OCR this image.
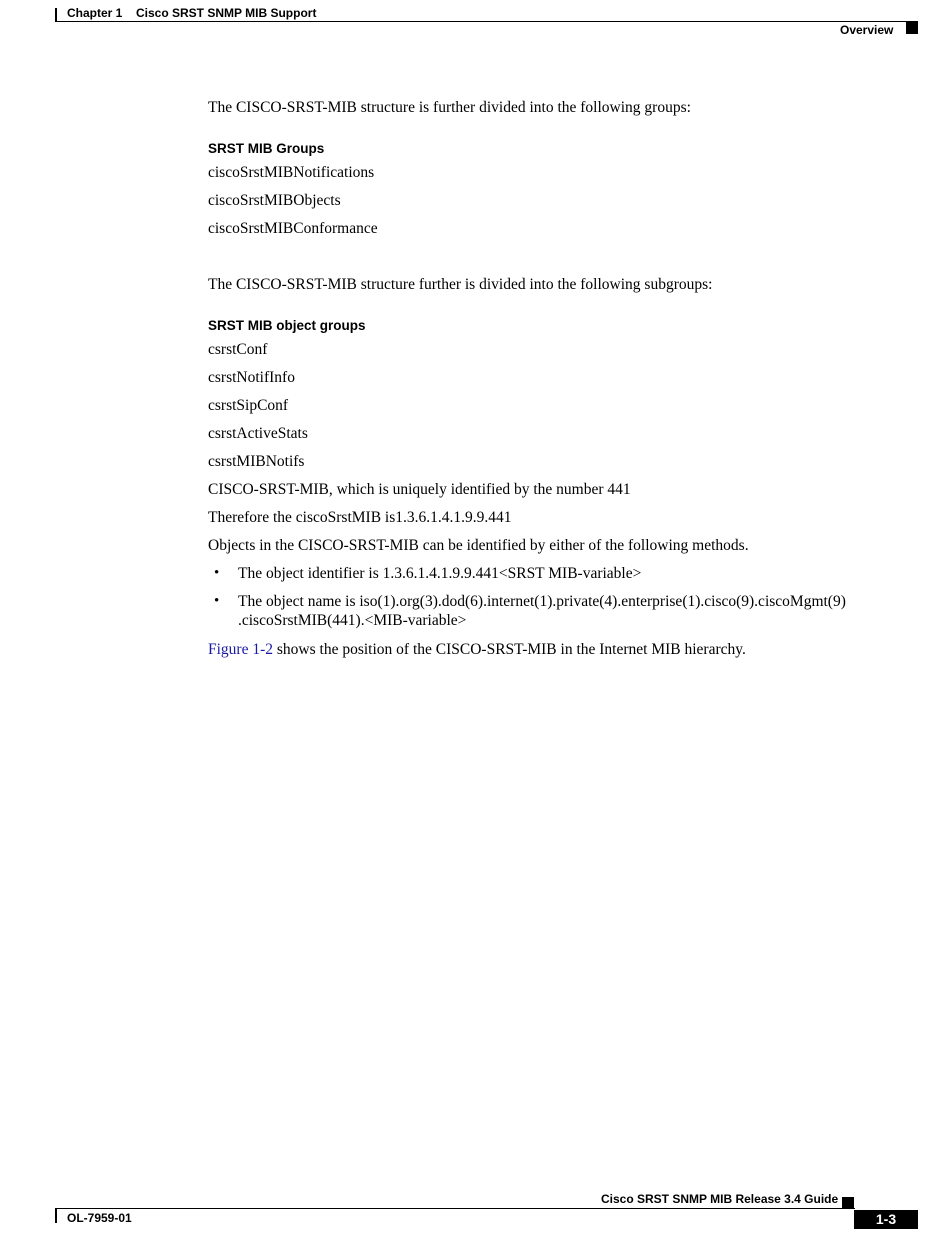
Chapter 1 Cisco SRST SNMP MIB Support
Overview
The CISCO-SRST-MIB structure is further divided into the following groups:
SRST MIB Groups
ciscoSrstMIBNotifications
ciscoSrstMIBObjects
ciscoSrstMIBConformance
The CISCO-SRST-MIB structure further is divided into the following subgroups:
SRST MIB object groups
csrstConf
csrstNotifInfo
csrstSipConf
csrstActiveStats
csrstMIBNotifs
CISCO-SRST-MIB, which is uniquely identified by the number 441
Therefore the ciscoSrstMIB is1.3.6.1.4.1.9.9.441
Objects in the CISCO-SRST-MIB can be identified by either of the following methods.
• The object identifier is 1.3.6.1.4.1.9.9.441<SRST MIB-variable>
• The object name is iso(1).org(3).dod(6).internet(1).private(4).enterprise(1).cisco(9).ciscoMgmt(9)
.ciscoSrstMIB(441).<MIB-variable>
Figure 1-2 shows the position of the CISCO-SRST-MIB in the Internet MIB hierarchy.
Cisco SRST SNMP MIB Release 3.4 Guide
OL-7959-01	1-3
